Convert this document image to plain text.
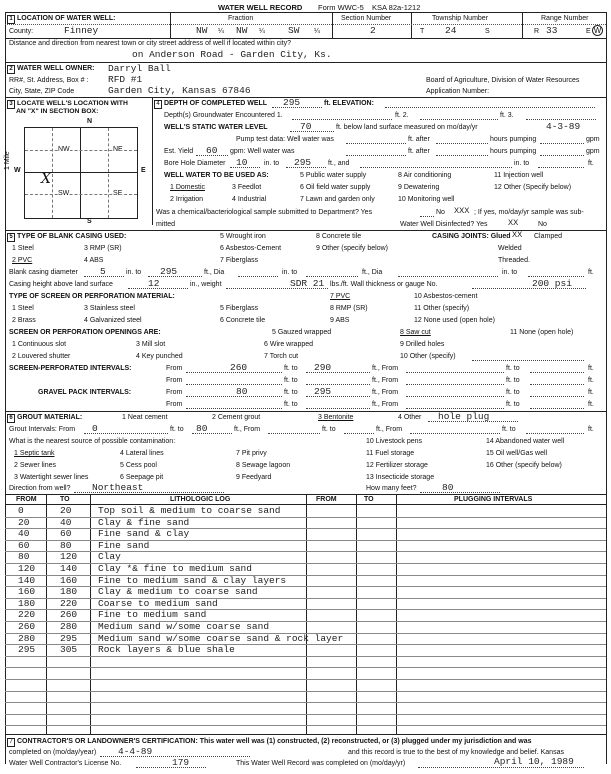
WATER WELL RECORD Form WWC-5 KSA 82a-1212
1 LOCATION OF WATER WELL:	Fraction	Section Number	Township Number	Range Number
County:	Finney	NW ¼ NW ¼ SW ¼	2	T 24	S	R 33	E W
Distance and direction from nearest town or city street address of well if located within city?
on Anderson Road - Garden City, Ks.
2 WATER WELL OWNER: Darryl Ball
RR#, St. Address, Box # : RFD #1	Board of Agriculture, Division of Water Resources
City, State, ZIP Code	Garden City, Kansas 67846	Application Number:
3 LOCATE WELL'S LOCATION WITH
AN "X" IN SECTION BOX:
N
NW	NE
SW	SE
X
W	E
S
1 Mile
4 DEPTH OF COMPLETED WELL 295	ft. ELEVATION:
Depth(s) Groundwater Encountered 1.	ft. 2.	ft. 3.
WELL'S STATIC WATER LEVEL	70	ft. below land surface measured on mo/day/yr	4-3-89
Pump test data: Well water was	ft. after	hours pumping	gpm
Est. Yield 60 gpm: Well water was	ft. after	hours pumping	gpm
Bore Hole Diameter 10 in. to 295 ft., and	in. to	ft.
WELL WATER TO BE USED AS:	5 Public water supply	8 Air conditioning	11 Injection well
1 Domestic	3 Feedlot	6 Oil field water supply	9 Dewatering	12 Other (Specify below)
2 Irrigation	4 Industrial	7 Lawn and garden only	10 Monitoring well
Was a chemical/bacteriological sample submitted to Department? Yes	No XXX ; If yes, mo/day/yr sample was sub-
mitted	Water Well Disinfected? Yes XX	No
5 TYPE OF BLANK CASING USED:	5 Wrought iron	8 Concrete tile	CASING JOINTS: Glued XX Clamped
1 Steel	3 RMP (SR)	6 Asbestos-Cement	9 Other (specify below)	Welded
2 PVC	4 ABS	7 Fiberglass	Threaded.
Blank casing diameter 5	in. to 295	ft., Dia	in. to	ft., Dia	in. to	ft.
Casing height above land surface	12	in., weight	SDR 21 lbs./ft. Wall thickness or gauge No.	200 psi
TYPE OF SCREEN OR PERFORATION MATERIAL:	7 PVC	10 Asbestos-cement
1 Steel	3 Stainless steel	5 Fiberglass	8 RMP (SR)	11 Other (specify)
2 Brass	4 Galvanized steel	6 Concrete tile	9 ABS	12 None used (open hole)
SCREEN OR PERFORATION OPENINGS ARE:	5 Gauzed wrapped	8 Saw cut	11 None (open hole)
1 Continuous slot	3 Mill slot	6 Wire wrapped	9 Drilled holes
2 Louvered shutter	4 Key punched	7 Torch cut	10 Other (specify)
SCREEN-PERFORATED INTERVALS:	From	260	ft. to 290	ft., From	ft. to	ft.
From	ft. to	ft., From	ft. to	ft.
GRAVEL PACK INTERVALS:	From	80	ft. to 295	ft., From	ft. to	ft.
From	ft. to	ft., From	ft. to	ft.
6 GROUT MATERIAL:	1 Neat cement	2 Cement grout	3 Bentonite	4 Other hole plug
Grout Intervals: From 0	ft. to 80	ft., From	ft. to	ft., From	ft. to	ft.
What is the nearest source of possible contamination:	10 Livestock pens	14 Abandoned water well
1 Septic tank	4 Lateral lines	7 Pit privy	11 Fuel storage	15 Oil well/Gas well
2 Sewer lines	5 Cess pool	8 Sewage lagoon	12 Fertilizer storage	16 Other (specify below)
3 Watertight sewer lines	6 Seepage pit	9 Feedyard	13 Insecticide storage
Direction from well? Northeast	How many feet?	80
FROM	TO	LITHOLOGIC LOG	FROM	TO	PLUGGING INTERVALS
0	20	Top soil & medium to coarse sand
20	40	Clay & fine sand
40	60	Fine sand & clay
60	80	Fine sand
80	120 Clay
120	140 Clay *& fine to medium sand
140	160 Fine to medium sand & clay layers
160	180 Clay & medium to coarse sand
180	220 Coarse to medium sand
220	260 Fine to medium sand
260	280 Medium sand w/some coarse sand
280	295 Medium sand w/some coarse sand & rock layer
295	305 Rock layers & blue shale
7 CONTRACTOR'S OR LANDOWNER'S CERTIFICATION: This water well was (1) constructed, (2) reconstructed, or (3) plugged under my jurisdiction and was
completed on (mo/day/year) 4-4-89	and this record is true to the best of my knowledge and belief. Kansas
Water Well Contractor's License No.	179	This Water Well Record was completed on (mo/day/yr)	April 10, 1989
